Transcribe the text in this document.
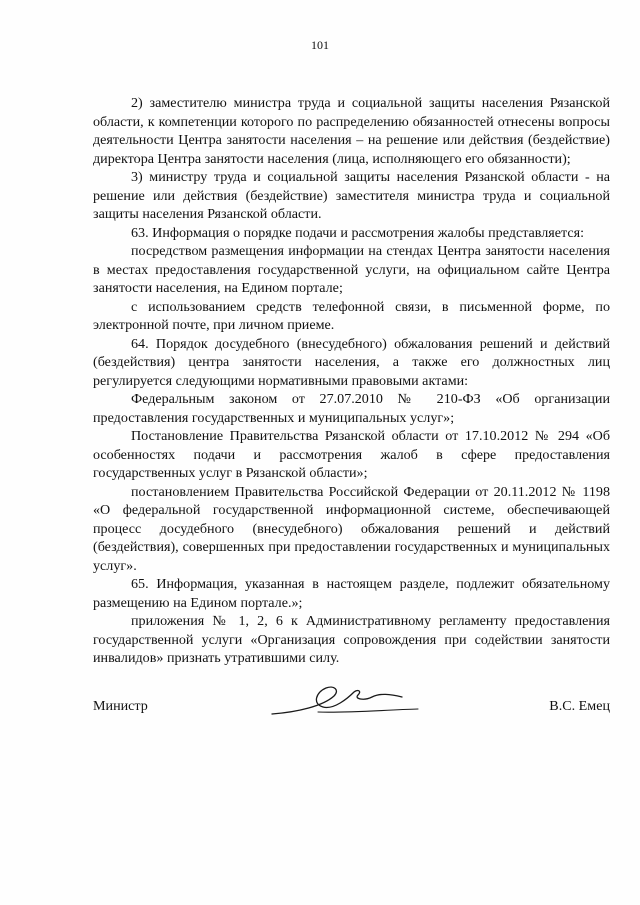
101

2) заместителю министра труда и социальной защиты населения Рязанской области, к компетенции которого по распределению обязанностей отнесены вопросы деятельности Центра занятости населения – на решение или действия (бездействие) директора Центра занятости населения (лица, исполняющего его обязанности);

3) министру труда и социальной защиты населения Рязанской области - на решение или действия (бездействие) заместителя министра труда и социальной защиты населения Рязанской области.

63. Информация о порядке подачи и рассмотрения жалобы представляется:

посредством размещения информации на стендах Центра занятости населения в местах предоставления государственной услуги, на официальном сайте Центра занятости населения, на Едином портале;

с использованием средств телефонной связи, в письменной форме, по электронной почте, при личном приеме.

64. Порядок досудебного (внесудебного) обжалования решений и действий (бездействия) центра занятости населения, а также его должностных лиц регулируется следующими нормативными правовыми актами:

Федеральным законом от 27.07.2010 № 210-ФЗ «Об организации предоставления государственных и муниципальных услуг»;

Постановление Правительства Рязанской области от 17.10.2012 № 294 «Об особенностях подачи и рассмотрения жалоб в сфере предоставления государственных услуг в Рязанской области»;

постановлением Правительства Российской Федерации от 20.11.2012 № 1198 «О федеральной государственной информационной системе, обеспечивающей процесс досудебного (внесудебного) обжалования решений и действий (бездействия), совершенных при предоставлении государственных и муниципальных услуг».

65. Информация, указанная в настоящем разделе, подлежит обязательному размещению на Едином портале.»;

приложения № 1, 2, 6 к Административному регламенту предоставления государственной услуги «Организация сопровождения при содействии занятости инвалидов» признать утратившими силу.

Министр	В.С. Емец
